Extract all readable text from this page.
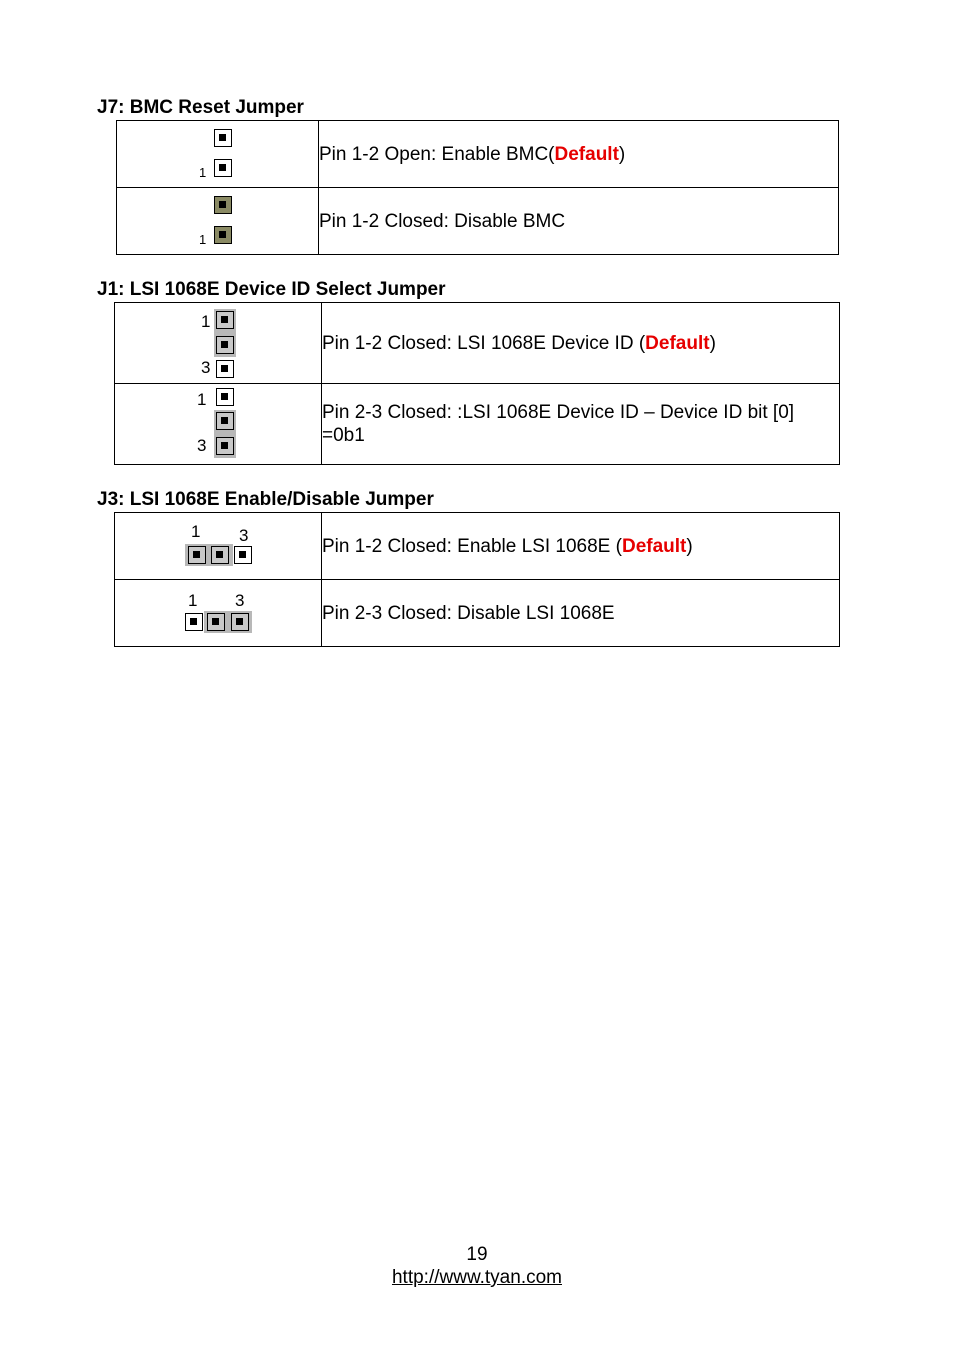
J7: BMC Reset Jumper
1	Pin 1-2 Open: Enable BMC(Default)

1	Pin 1-2 Closed: Disable BMC
J1: LSI 1068E Device ID Select Jumper
1
3	Pin 1-2 Closed: LSI 1068E Device ID (Default)

1
3	Pin 2-3 Closed: :LSI 1068E Device ID – Device ID bit [0] =0b1
J3: LSI 1068E Enable/Disable Jumper
1 3	Pin 1-2 Closed: Enable LSI 1068E (Default)

1 3	Pin 2-3 Closed: Disable LSI 1068E
19
http://www.tyan.com
